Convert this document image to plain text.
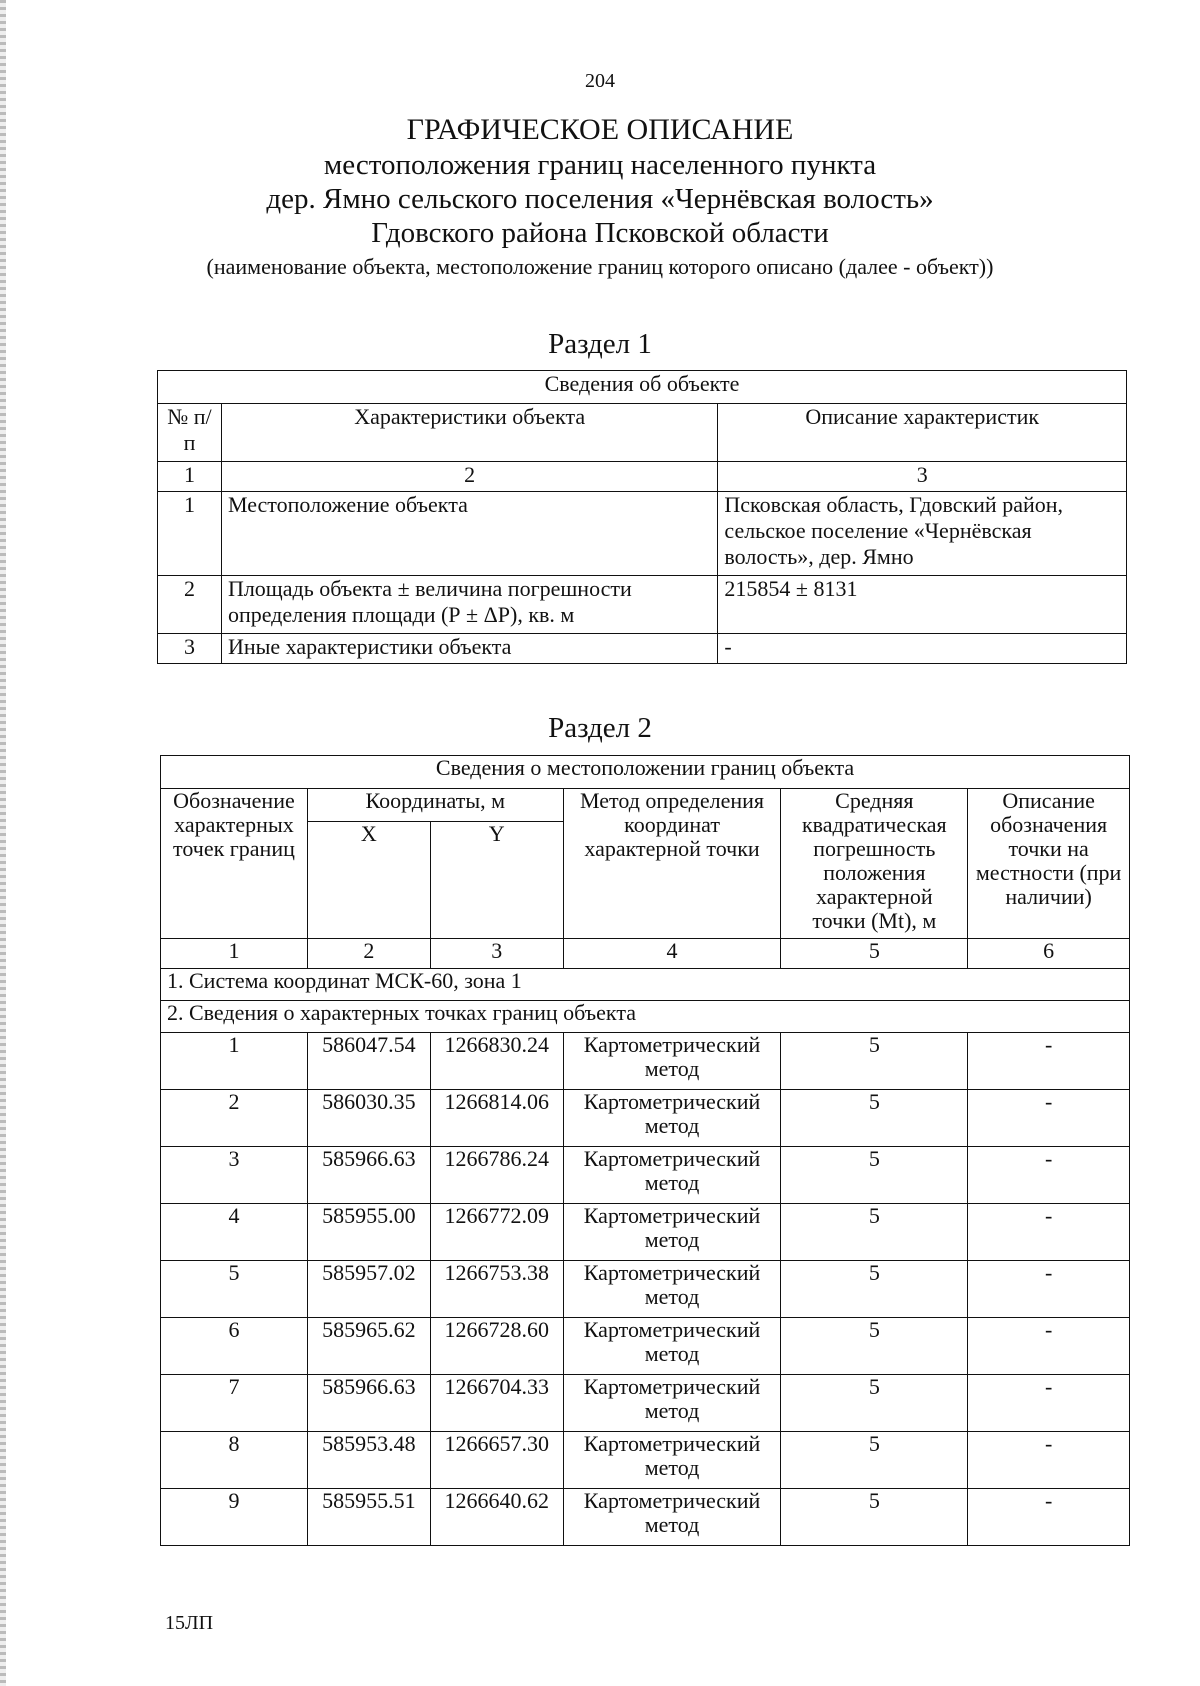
204
ГРАФИЧЕСКОЕ ОПИСАНИЕ
местоположения границ населенного пункта
дер. Ямно сельского поселения «Чернёвская волость»
Гдовского района Псковской области
(наименование объекта, местоположение границ которого описано (далее - объект))
Раздел 1
Сведения об объекте		
№ п/п	Характеристики объекта	Описание характеристик
1	2	3
1	Местоположение объекта	Псковская область, Гдовский район, сельское поселение «Чернёвская волость», дер. Ямно
2	Площадь объекта ± величина погрешности определения площади (Р ± ΔР), кв. м	215854 ± 8131
3	Иные характеристики объекта	-
Раздел 2
Сведения о местоположении границ объекта					
Обозначение характерных точек границ	Координаты, м		Метод определения координат характерной точки	Средняя квадратическая погрешность положения характерной точки (Mt), м	Описание обозначения точки на местности (при наличии)
	X	Y			
1	2	3	4	5	6
1. Система координат МСК-60, зона 1					
2. Сведения о характерных точках границ объекта					
1	586047.54	1266830.24	Картометрический метод	5	-
2	586030.35	1266814.06	Картометрический метод	5	-
3	585966.63	1266786.24	Картометрический метод	5	-
4	585955.00	1266772.09	Картометрический метод	5	-
5	585957.02	1266753.38	Картометрический метод	5	-
6	585965.62	1266728.60	Картометрический метод	5	-
7	585966.63	1266704.33	Картометрический метод	5	-
8	585953.48	1266657.30	Картометрический метод	5	-
9	585955.51	1266640.62	Картометрический метод	5	-
15ЛП
